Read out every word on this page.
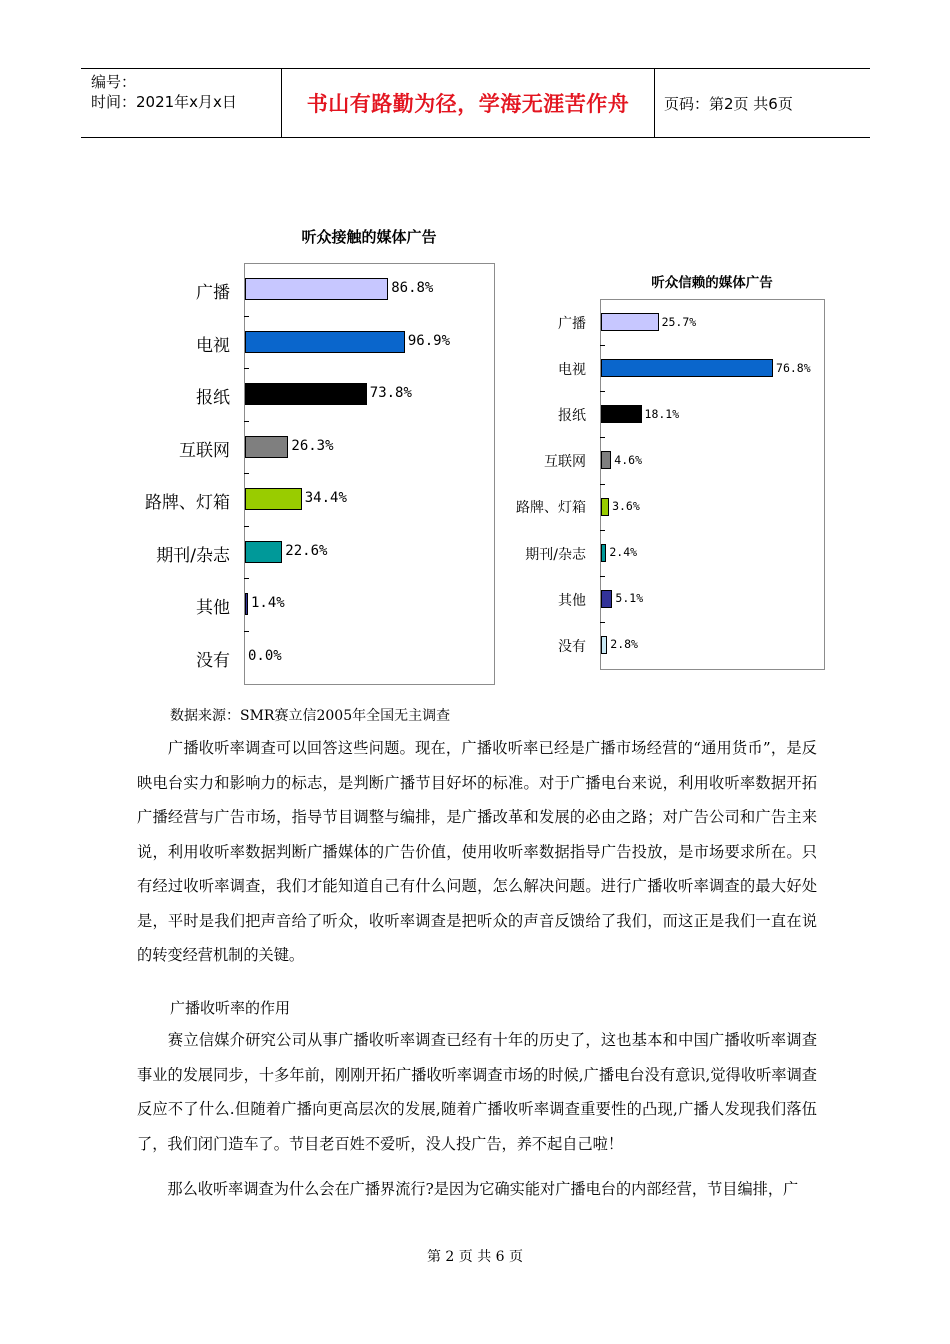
编号：
时间：2021年x月x日	书山有路勤为径，学海无涯苦作舟 页码：第2页 共6页
听众接触的媒体广告
广播	86.8%
电视	96.9%
报纸	73.8%
互联网	26.3%
路牌、灯箱	34.4%
期刊/杂志	22.6%
其他 1.4%
没有 0.0%
听众信赖的媒体广告
广播	25.7%
电视	76.8%
报纸	18.1%
互联网 4.6%
路牌、灯箱 3.6%
期刊/杂志 2.4%
其他	5.1%
没有 2.8%
数据来源：SMR赛立信2005年全国无主调查
　　广播收听率调查可以回答这些问题。现在，广播收听率已经是广播市场经营的“通用货币”，是反映电台实力和影响力的标志，是判断广播节目好坏的标准。对于广播电台来说，利用收听率数据开拓广播经营与广告市场，指导节目调整与编排，是广播改革和发展的必由之路；对广告公司和广告主来说，利用收听率数据判断广播媒体的广告价值，使用收听率数据指导广告投放，是市场要求所在。只有经过收听率调查，我们才能知道自己有什么问题，怎么解决问题。进行广播收听率调查的最大好处是，平时是我们把声音给了听众，收听率调查是把听众的声音反馈给了我们，而这正是我们一直在说的转变经营机制的关键。
广播收听率的作用
　　赛立信媒介研究公司从事广播收听率调查已经有十年的历史了，这也基本和中国广播收听率调查事业的发展同步，十多年前，刚刚开拓广播收听率调查市场的时候,广播电台没有意识,觉得收听率调查反应不了什么.但随着广播向更高层次的发展,随着广播收听率调查重要性的凸现,广播人发现我们落伍了，我们闭门造车了。节目老百姓不爱听，没人投广告，养不起自己啦！
　　那么收听率调查为什么会在广播界流行?是因为它确实能对广播电台的内部经营，节目编排，广
第 2 页 共 6 页
